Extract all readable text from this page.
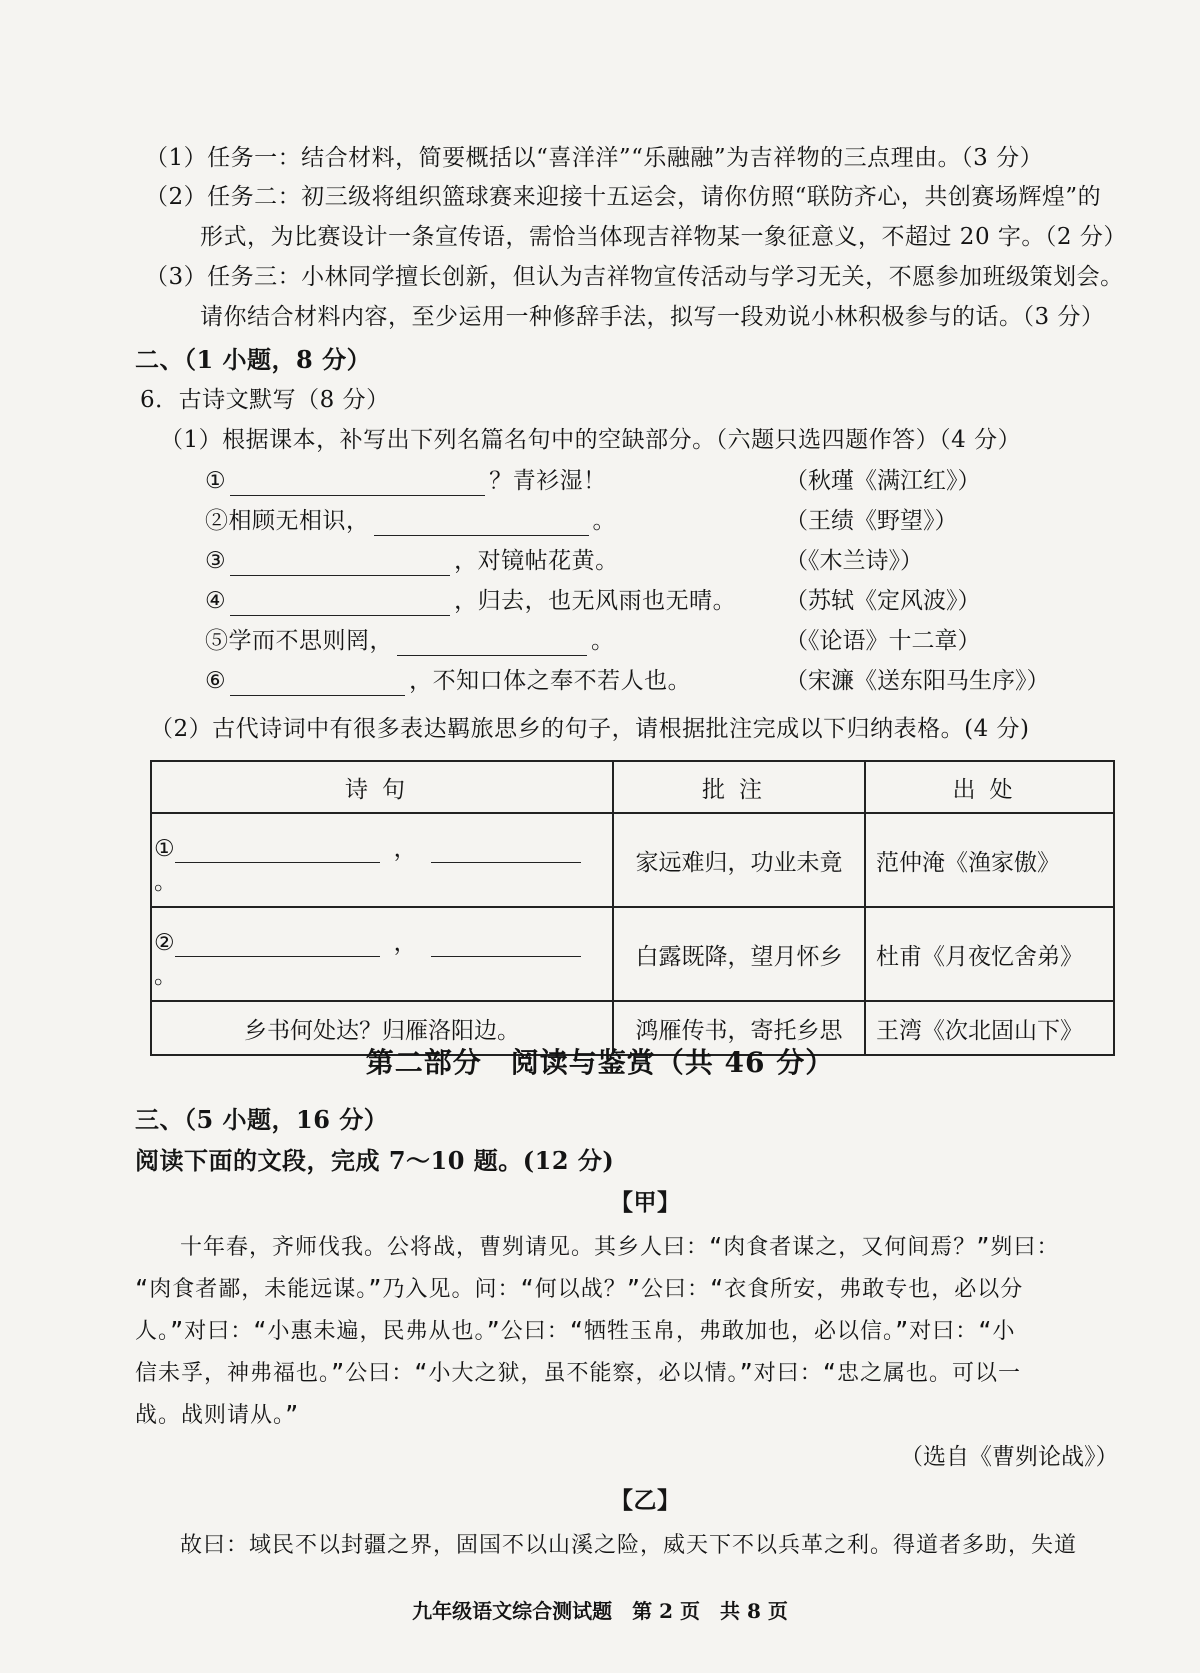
（1）任务一：结合材料，简要概括以“喜洋洋”“乐融融”为吉祥物的三点理由。（3 分）
（2）任务二：初三级将组织篮球赛来迎接十五运会，请你仿照“联防齐心，共创赛场辉煌”的
形式，为比赛设计一条宣传语，需恰当体现吉祥物某一象征意义，不超过 20 字。（2 分）
（3）任务三：小林同学擅长创新，但认为吉祥物宣传活动与学习无关，不愿参加班级策划会。
请你结合材料内容，至少运用一种修辞手法，拟写一段劝说小林积极参与的话。（3 分）
二、（1 小题，8 分）
6．古诗文默写（8 分）
（1）根据课本，补写出下列名篇名句中的空缺部分。（六题只选四题作答）（4 分）
①	？青衫湿！	（秋瑾《满江红》）
②相顾无相识，	。	（王绩《野望》）
③	，对镜帖花黄。	（《木兰诗》）
④	，归去，也无风雨也无晴。 （苏轼《定风波》）
⑤学而不思则罔，	。	（《论语》十二章）
⑥	，不知口体之奉不若人也。	（宋濂《送东阳马生序》）
（2）古代诗词中有很多表达羁旅思乡的句子，请根据批注完成以下归纳表格。(4 分)
诗句	批注	出处
① ，。	家远难归，功业未竟	范仲淹《渔家傲》
② ，。	白露既降，望月怀乡	杜甫《月夜忆舍弟》
乡书何处达？归雁洛阳边。	鸿雁传书，寄托乡思	王湾《次北固山下》
第二部分　阅读与鉴赏（共 46 分）
三、（5 小题，16 分）
阅读下面的文段，完成 7～10 题。(12 分)
【甲】
十年春，齐师伐我。公将战，曹刿请见。其乡人曰：“肉食者谋之，又何间焉？”刿曰：
“肉食者鄙，未能远谋。”乃入见。问：“何以战？”公曰：“衣食所安，弗敢专也，必以分
人。”对曰：“小惠未遍，民弗从也。”公曰：“牺牲玉帛，弗敢加也，必以信。”对曰：“小
信未孚，神弗福也。”公曰：“小大之狱，虽不能察，必以情。”对曰：“忠之属也。可以一
战。战则请从。”
（选自《曹刿论战》）
【乙】
故曰：域民不以封疆之界，固国不以山溪之险，威天下不以兵革之利。得道者多助，失道
九年级语文综合测试题　第 2 页　共 8 页
